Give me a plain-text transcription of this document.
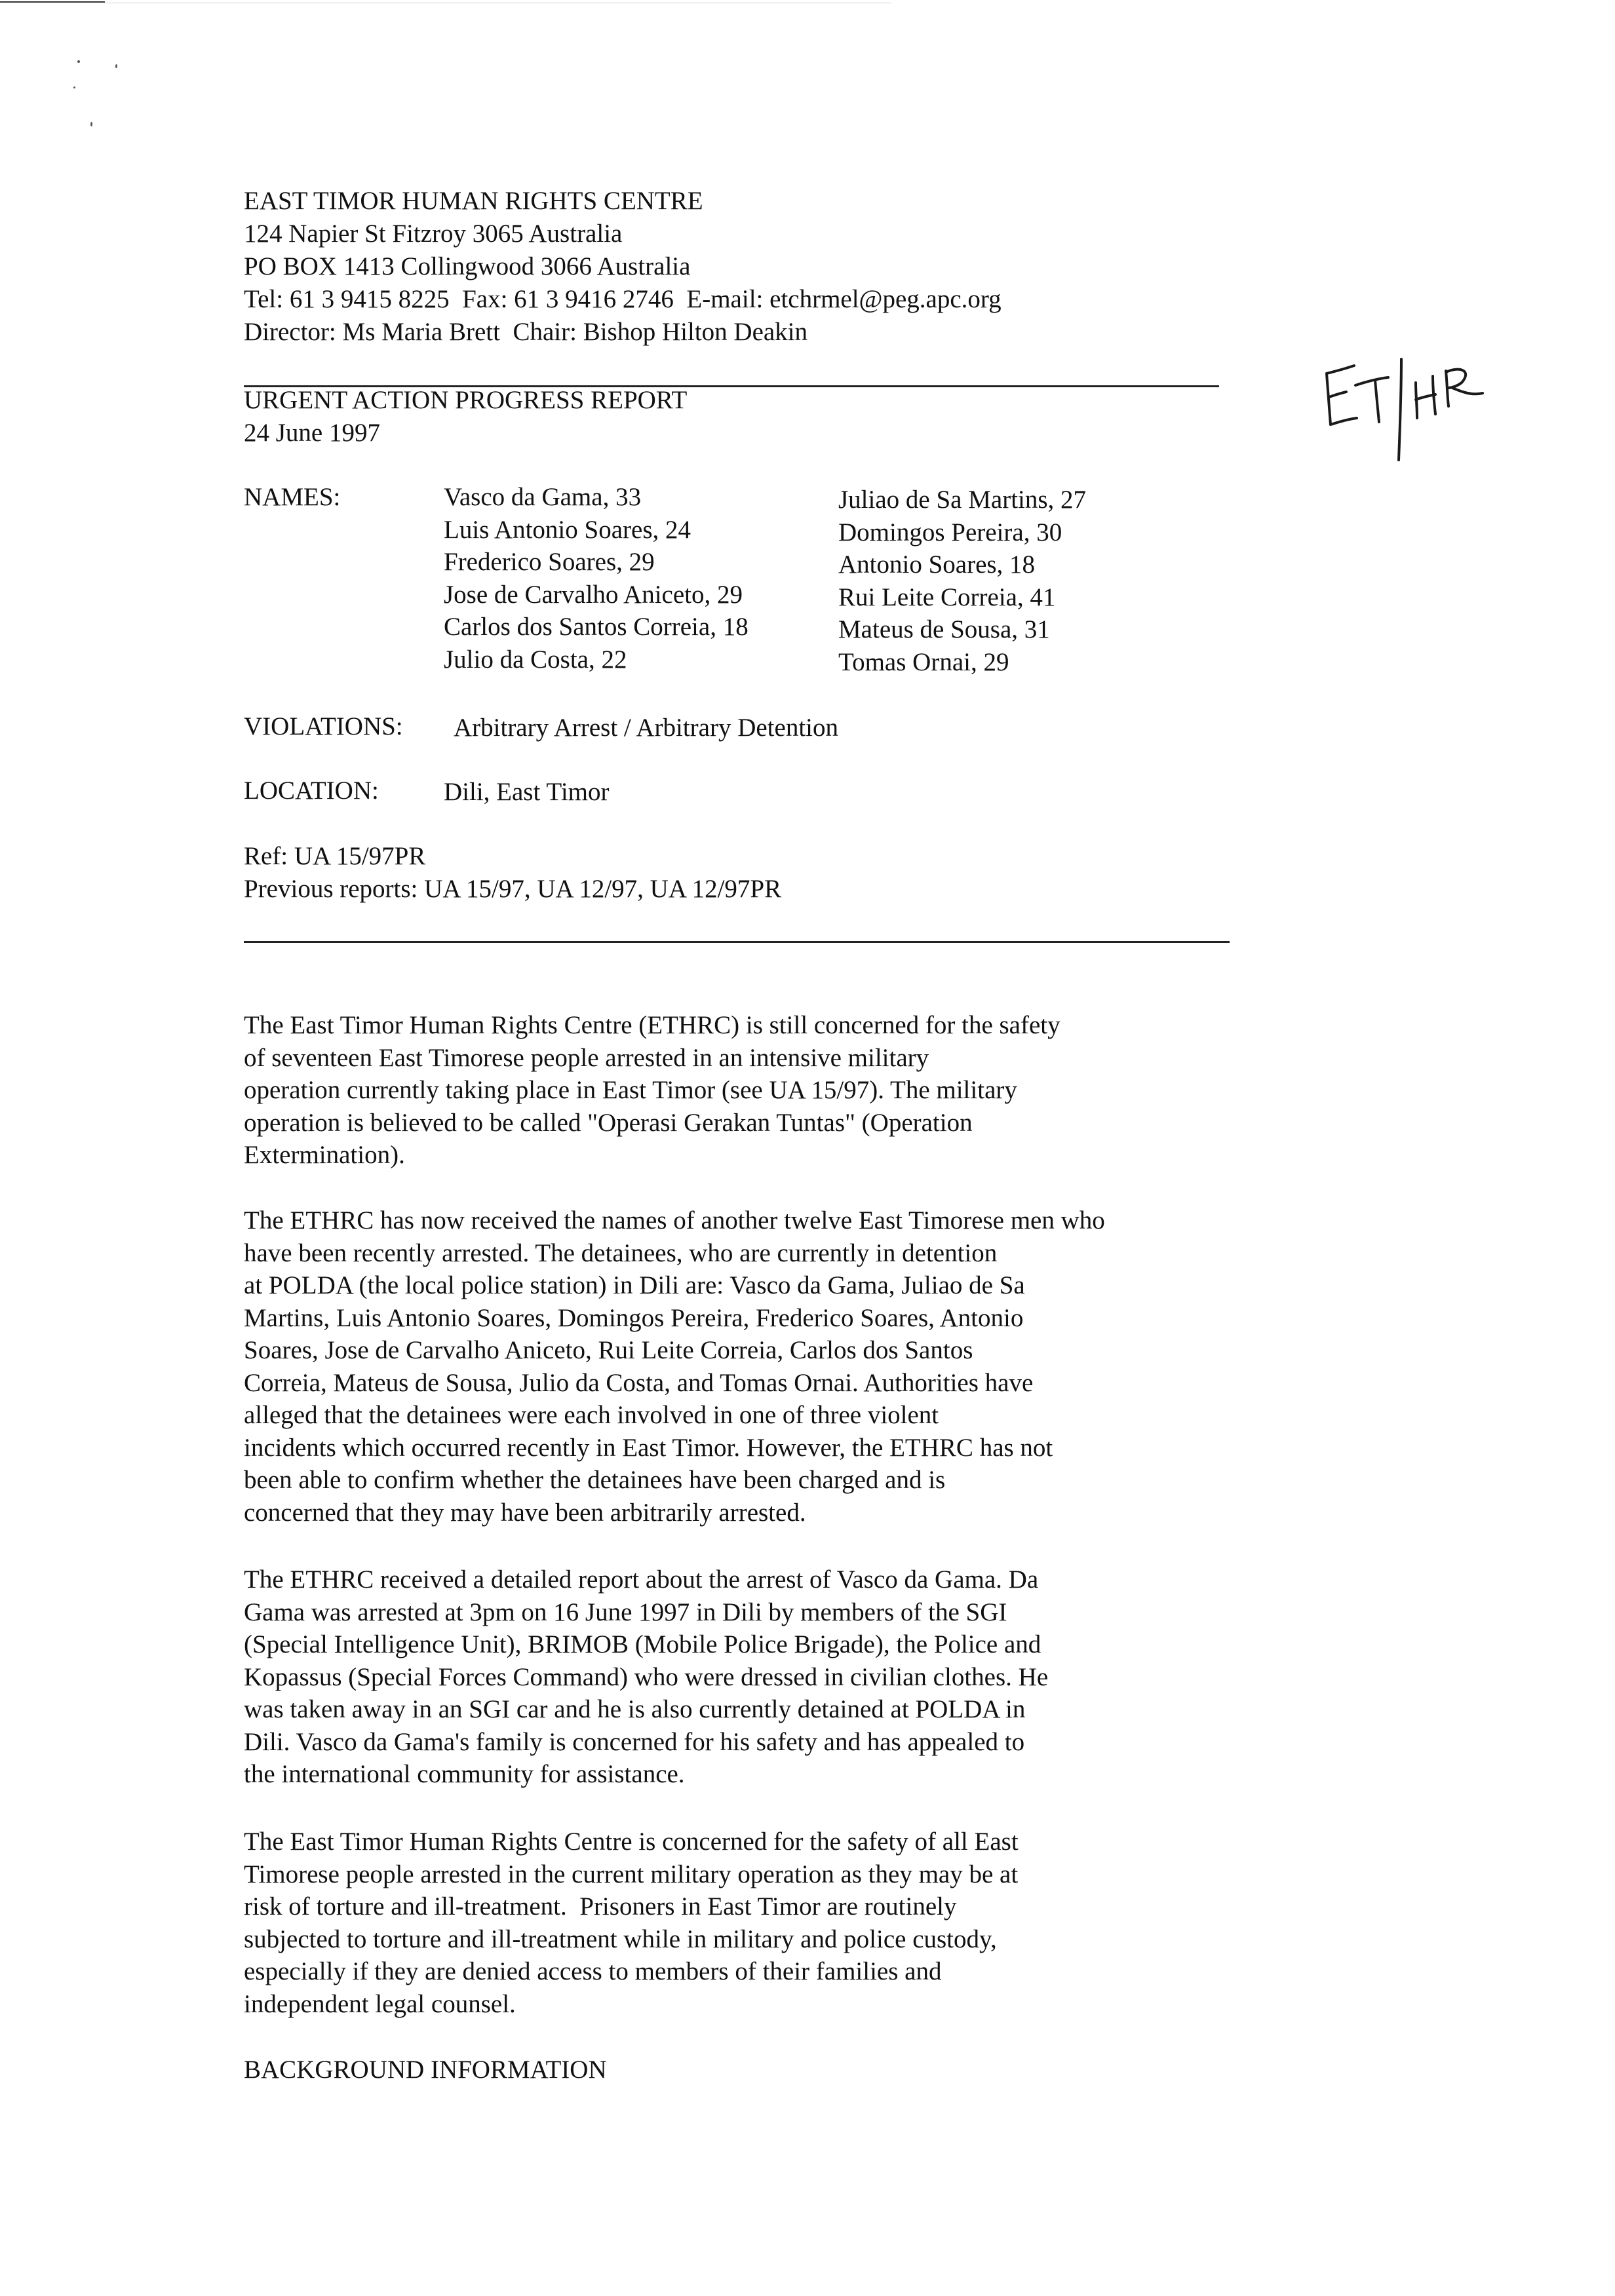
EAST TIMOR HUMAN RIGHTS CENTRE
124 Napier St Fitzroy 3065 Australia
PO BOX 1413 Collingwood 3066 Australia
Tel: 61 3 9415 8225  Fax: 61 3 9416 2746  E-mail: etchrmel@peg.apc.org
Director: Ms Maria Brett  Chair: Bishop Hilton Deakin
URGENT ACTION PROGRESS REPORT
24 June 1997
NAMES:	Vasco da Gama, 33
Luis Antonio Soares, 24
Frederico Soares, 29
Jose de Carvalho Aniceto, 29
Carlos dos Santos Correia, 18
Julio da Costa, 22
Juliao de Sa Martins, 27
Domingos Pereira, 30
Antonio Soares, 18
Rui Leite Correia, 41
Mateus de Sousa, 31
Tomas Ornai, 29
VIOLATIONS: Arbitrary Arrest / Arbitrary Detention
LOCATION:	Dili, East Timor
Ref: UA 15/97PR
Previous reports: UA 15/97, UA 12/97, UA 12/97PR
The East Timor Human Rights Centre (ETHRC) is still concerned for the safety
of seventeen East Timorese people arrested in an intensive military
operation currently taking place in East Timor (see UA 15/97). The military
operation is believed to be called "Operasi Gerakan Tuntas" (Operation
Extermination).
The ETHRC has now received the names of another twelve East Timorese men who
have been recently arrested. The detainees, who are currently in detention
at POLDA (the local police station) in Dili are: Vasco da Gama, Juliao de Sa
Martins, Luis Antonio Soares, Domingos Pereira, Frederico Soares, Antonio
Soares, Jose de Carvalho Aniceto, Rui Leite Correia, Carlos dos Santos
Correia, Mateus de Sousa, Julio da Costa, and Tomas Ornai. Authorities have
alleged that the detainees were each involved in one of three violent
incidents which occurred recently in East Timor. However, the ETHRC has not
been able to confirm whether the detainees have been charged and is
concerned that they may have been arbitrarily arrested.
The ETHRC received a detailed report about the arrest of Vasco da Gama. Da
Gama was arrested at 3pm on 16 June 1997 in Dili by members of the SGI
(Special Intelligence Unit), BRIMOB (Mobile Police Brigade), the Police and
Kopassus (Special Forces Command) who were dressed in civilian clothes. He
was taken away in an SGI car and he is also currently detained at POLDA in
Dili. Vasco da Gama's family is concerned for his safety and has appealed to
the international community for assistance.
The East Timor Human Rights Centre is concerned for the safety of all East
Timorese people arrested in the current military operation as they may be at
risk of torture and ill-treatment.  Prisoners in East Timor are routinely
subjected to torture and ill-treatment while in military and police custody,
especially if they are denied access to members of their families and
independent legal counsel.
BACKGROUND INFORMATION
